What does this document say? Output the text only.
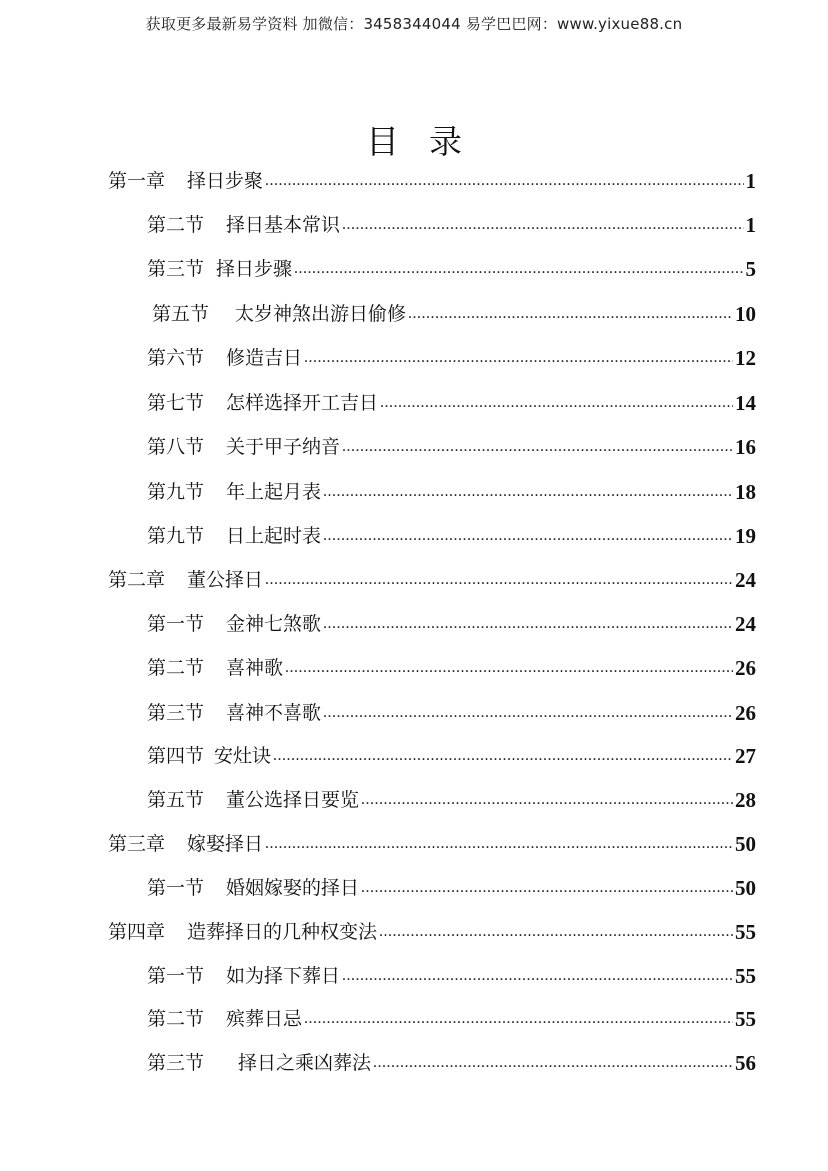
获取更多最新易学资料 加微信：3458344044 易学巴巴网：www.yixue88.cn
目录
第一章 择日步聚 .....	1
第二节 择日基本常识 .....	1
第三节 择日步骤 .....	5
第五节 太岁神煞出游日偷修 .....	10
第六节 修造吉日 .....	12
第七节 怎样选择开工吉日 .....	14
第八节 关于甲子纳音 .....	16
第九节 年上起月表 .....	18
第九节 日上起时表 .....	19
第二章 董公择日 .....	24
第一节 金神七煞歌 .....	24
第二节 喜神歌 .....	26
第三节 喜神不喜歌 .....	26
第四节 安灶诀 .....	27
第五节 董公选择日要览 .....	28
第三章 嫁娶择日 .....	50
第一节 婚姻嫁娶的择日 .....	50
第四章 造葬择日的几种权变法 .....	55
第一节 如为择下葬日 .....	55
第二节 殡葬日忌 .....	55
第三节 择日之乘凶葬法 .....	56
